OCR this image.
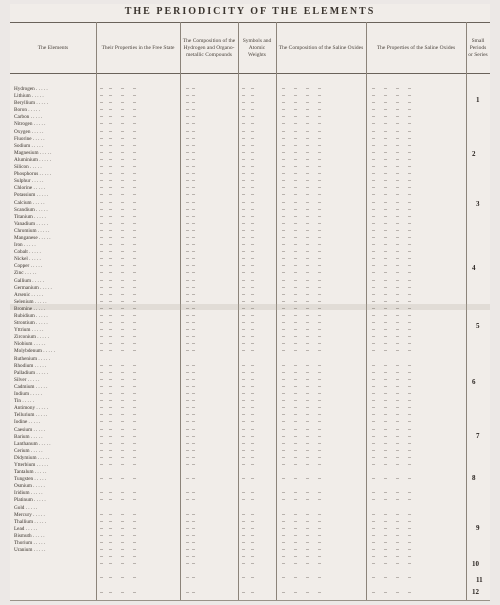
THE PERIODICITY OF THE ELEMENTS
The Elements	Their Properties in the Free State
The Composition of the Hydrogen and Organo-metallic Compounds
Symbols and Atomic Weights
The Composition of the Saline Oxides	The Properties of the Saline Oxides
Small Periods or Series
Hydrogen . . . . .
Lithium . . . . .
Beryllium . . . . .
Boron . . . . .
Carbon . . . . .
Nitrogen . . . . .
Oxygen . . . . .
Fluorine . . . . .
Sodium . . . . .
Magnesium . . . . .
Aluminium . . . . .
Silicon . . . . .
Phosphorus . . . . .
Sulphur . . . . .
Chlorine . . . . .
Potassium . . . . .
Calcium . . . . .
Scandium . . . . .
Titanium . . . . .
Vanadium . . . . .
Chromium . . . . .
Manganese . . . . .
Iron . . . . .
Cobalt . . . . .
Nickel . . . . .
Copper . . . . .
Zinc . . . . .
Gallium . . . . .
Germanium . . . . .
Arsenic . . . . .
Selenium . . . . .
Bromine . . . . .
Rubidium . . . . .
Strontium . . . . .
Yttrium . . . . .
Zirconium . . . . .
Niobium . . . . .
Molybdenum . . . . .
Ruthenium . . . . .
Rhodium . . . . .
Palladium . . . . .
Silver . . . . .
Cadmium . . . . .
Indium . . . . .
Tin . . . . .
Antimony . . . . .
Tellurium . . . . .
Iodine . . . . .
Caesium . . . . .
Barium . . . . .
Lanthanum . . . . .
Cerium . . . . .
Didymium . . . . .
Ytterbium . . . . .
Tantalum . . . . .
Tungsten . . . . .
Osmium . . . . .
Iridium . . . . .
Platinum . . . . .
Gold . . . . .
Mercury . . . . .
Thallium . . . . .
Lead . . . . .
Bismuth . . . . .
Thorium . . . . .
Uranium . . . . .
—  —   —   —
—  —   —   —
—  —   —   —
—  —   —   —
—  —   —   —
—  —   —   —
—  —   —   —
—  —   —   —
—  —   —   —
—  —   —   —
—  —   —   —
—  —   —   —
—  —   —   —
—  —   —   —
—  —   —   —
—  —   —   —
—  —   —   —
—  —   —   —
—  —   —   —
—  —   —   —
—  —   —   —
—  —   —   —
—  —   —   —
—  —   —   —
—  —   —   —
—  —   —   —
—  —   —   —
—  —   —   —
—  —   —   —
—  —   —   —
—  —   —   —
—  —   —   —
—  —   —   —
—  —   —   —
—  —   —   —
—  —   —   —
—  —   —   —
—  —   —   —

—  —   —   —
—  —   —   —
—  —   —   —
—  —   —   —
—  —   —   —
—  —   —   —
—  —   —   —
—  —   —   —
—  —   —   —
—  —   —   —
—  —   —   —
—  —   —   —
—  —   —   —
—  —   —   —
—  —   —   —

—  —   —   —

—  —   —   —
—  —   —   —

—  —   —   —
—  —   —   —
—  —   —   —
—  —   —   —
—  —   —   —
—  —   —   —
—  —   —   —
—  —   —   —

—  —   —   —

—  —   —   —

— —
— —
— —
— —
— —
— —
— —
— —
— —
— —
— —
— —
— —
— —
— —
— —
— —
— —
— —
— —
— —
— —
— —
— —
— —
— —
— —
— —
— —
— —
— —
— —
— —
— —
— —
— —
— —
— —

— —
— —
— —
— —
— —
— —
— —
— —
— —
— —
— —
— —
— —
— —
— —

— —

— —
— —

— —
— —
— —
— —
— —
— —
— —
— —

— —

— —

—  —
—  —
—  —
—  —
—  —
—  —
—  —
—  —
—  —
—  —
—  —
—  —
—  —
—  —
—  —
—  —
—  —
—  —
—  —
—  —
—  —
—  —
—  —
—  —
—  —
—  —
—  —
—  —
—  —
—  —
—  —
—  —
—  —
—  —
—  —
—  —
—  —
—  —

—  —
—  —
—  —
—  —
—  —
—  —
—  —
—  —
—  —
—  —
—  —
—  —
—  —
—  —
—  —

—  —

—  —
—  —

—  —
—  —
—  —
—  —
—  —
—  —
—  —
—  —

—  —

—  —

—   —   —   —
—   —   —   —
—   —   —   —
—   —   —   —
—   —   —   —
—   —   —   —
—   —   —   —
—   —   —   —
—   —   —   —
—   —   —   —
—   —   —   —
—   —   —   —
—   —   —   —
—   —   —   —
—   —   —   —
—   —   —   —
—   —   —   —
—   —   —   —
—   —   —   —
—   —   —   —
—   —   —   —
—   —   —   —
—   —   —   —
—   —   —   —
—   —   —   —
—   —   —   —
—   —   —   —
—   —   —   —
—   —   —   —
—   —   —   —
—   —   —   —
—   —   —   —
—   —   —   —
—   —   —   —
—   —   —   —
—   —   —   —
—   —   —   —
—   —   —   —

—   —   —   —
—   —   —   —
—   —   —   —
—   —   —   —
—   —   —   —
—   —   —   —
—   —   —   —
—   —   —   —
—   —   —   —
—   —   —   —
—   —   —   —
—   —   —   —
—   —   —   —
—   —   —   —
—   —   —   —

—   —   —   —

—   —   —   —
—   —   —   —

—   —   —   —
—   —   —   —
—   —   —   —
—   —   —   —
—   —   —   —
—   —   —   —
—   —   —   —
—   —   —   —

—   —   —   —

—   —   —   —

—   —   —   —
—   —   —   —
—   —   —   —
—   —   —   —
—   —   —   —
—   —   —   —
—   —   —   —
—   —   —   —
—   —   —   —
—   —   —   —
—   —   —   —
—   —   —   —
—   —   —   —
—   —   —   —
—   —   —   —
—   —   —   —
—   —   —   —
—   —   —   —
—   —   —   —
—   —   —   —
—   —   —   —
—   —   —   —
—   —   —   —
—   —   —   —
—   —   —   —
—   —   —   —
—   —   —   —
—   —   —   —
—   —   —   —
—   —   —   —
—   —   —   —
—   —   —   —
—   —   —   —
—   —   —   —
—   —   —   —
—   —   —   —
—   —   —   —
—   —   —   —

—   —   —   —
—   —   —   —
—   —   —   —
—   —   —   —
—   —   —   —
—   —   —   —
—   —   —   —
—   —   —   —
—   —   —   —
—   —   —   —
—   —   —   —
—   —   —   —
—   —   —   —
—   —   —   —
—   —   —   —

—   —   —   —

—   —   —   —
—   —   —   —

—   —   —   —
—   —   —   —
—   —   —   —
—   —   —   —
—   —   —   —
—   —   —   —
—   —   —   —
—   —   —   —

—   —   —   —

—   —   —   —

1
2
3
4
5
6
7
8
9
10
11
12
